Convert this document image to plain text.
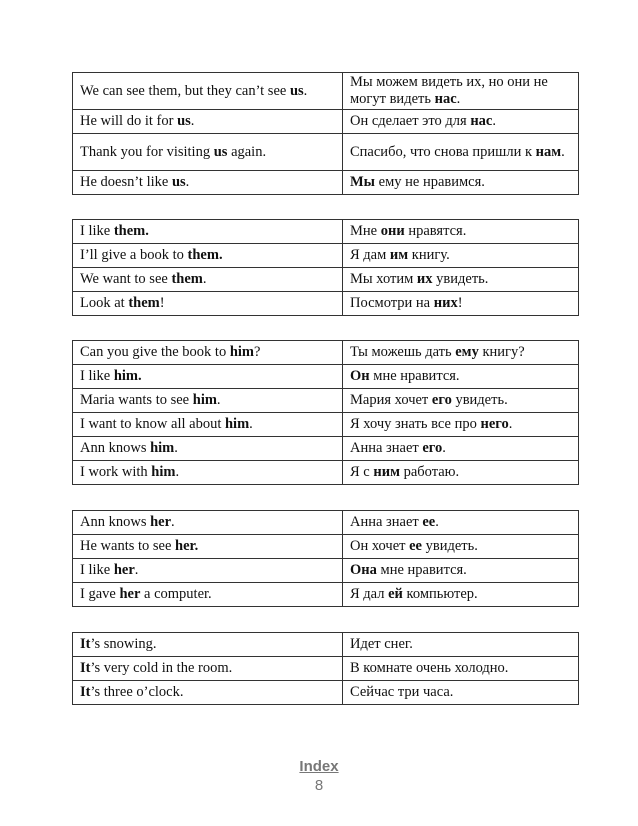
We can see them, but they can’t see us.	Мы можем видеть их, но они не могут видеть нас.
He will do it for us.	Он сделает это для нас.
Thank you for visiting us again.	Спасибо, что снова пришли к нам.
He doesn’t like us.	Мы ему не нравимся.
I like them.	Мне они нравятся.
I’ll give a book to them.	Я дам им книгу.
We want to see them.	Мы хотим их увидеть.
Look at them!	Посмотри на них!
Can you give the book to him?	Ты можешь дать ему книгу?
I like him.	Он мне нравится.
Maria wants to see him.	Мария хочет его увидеть.
I want to know all about him.	Я хочу знать все про него.
Ann knows him.	Анна знает его.
I work with him.	Я с ним работаю.
Ann knows her.	Анна знает ее.
He wants to see her.	Он хочет ее увидеть.
I like her.	Она мне нравится.
I gave her a computer.	Я дал ей компьютер.
It’s snowing.	Идет снег.
It’s very cold in the room.	В комнате очень холодно.
It’s three o’clock.	Сейчас три часа.
Index
8
